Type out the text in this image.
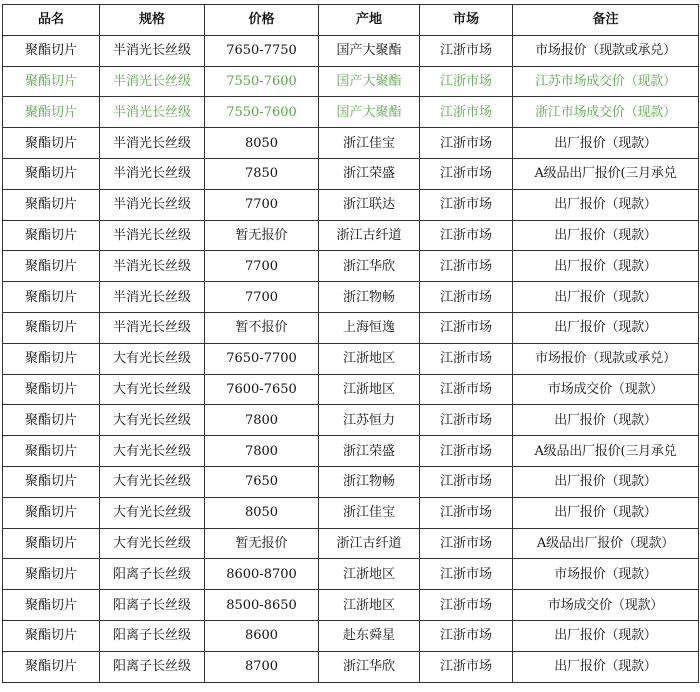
品名	规格	价格	产地	市场	备注
聚酯切片	半消光长丝级	7650-7750	国产大聚酯	江浙市场	市场报价（现款或承兑）
聚酯切片	半消光长丝级	7550-7600	国产大聚酯	江浙市场	江苏市场成交价（现款）
聚酯切片	半消光长丝级	7550-7600	国产大聚酯	江浙市场	浙江市场成交价（现款）
聚酯切片	半消光长丝级	8050	浙江佳宝	江浙市场	出厂报价（现款）
聚酯切片	半消光长丝级	7850	浙江荣盛	江浙市场	A级品出厂报价(三月承兑
聚酯切片	半消光长丝级	7700	浙江联达	江浙市场	出厂报价（现款）
聚酯切片	半消光长丝级	暂无报价	浙江古纤道	江浙市场	出厂报价（现款）
聚酯切片	半消光长丝级	7700	浙江华欣	江浙市场	出厂报价（现款）
聚酯切片	半消光长丝级	7700	浙江物畅	江浙市场	出厂报价（现款）
聚酯切片	半消光长丝级	暂不报价	上海恒逸	江浙市场	出厂报价（现款）
聚酯切片	大有光长丝级	7650-7700	江浙地区	江浙市场	市场报价（现款或承兑）
聚酯切片	大有光长丝级	7600-7650	江浙地区	江浙市场	市场成交价（现款）
聚酯切片	大有光长丝级	7800	江苏恒力	江浙市场	出厂报价（现款）
聚酯切片	大有光长丝级	7800	浙江荣盛	江浙市场	A级品出厂报价(三月承兑
聚酯切片	大有光长丝级	7650	浙江物畅	江浙市场	出厂报价（现款）
聚酯切片	大有光长丝级	8050	浙江佳宝	江浙市场	出厂报价（现款）
聚酯切片	大有光长丝级	暂无报价	浙江古纤道	江浙市场	A级品出厂报价（现款）
聚酯切片	阳离子长丝级	8600-8700	江浙地区	江浙市场	市场报价（现款）
聚酯切片	阳离子长丝级	8500-8650	江浙地区	江浙市场	市场成交价（现款）
聚酯切片	阳离子长丝级	8600	赴东舜星	江浙市场	出厂报价（现款）
聚酯切片	阳离子长丝级	8700	浙江华欣	江浙市场	出厂报价（现款）
